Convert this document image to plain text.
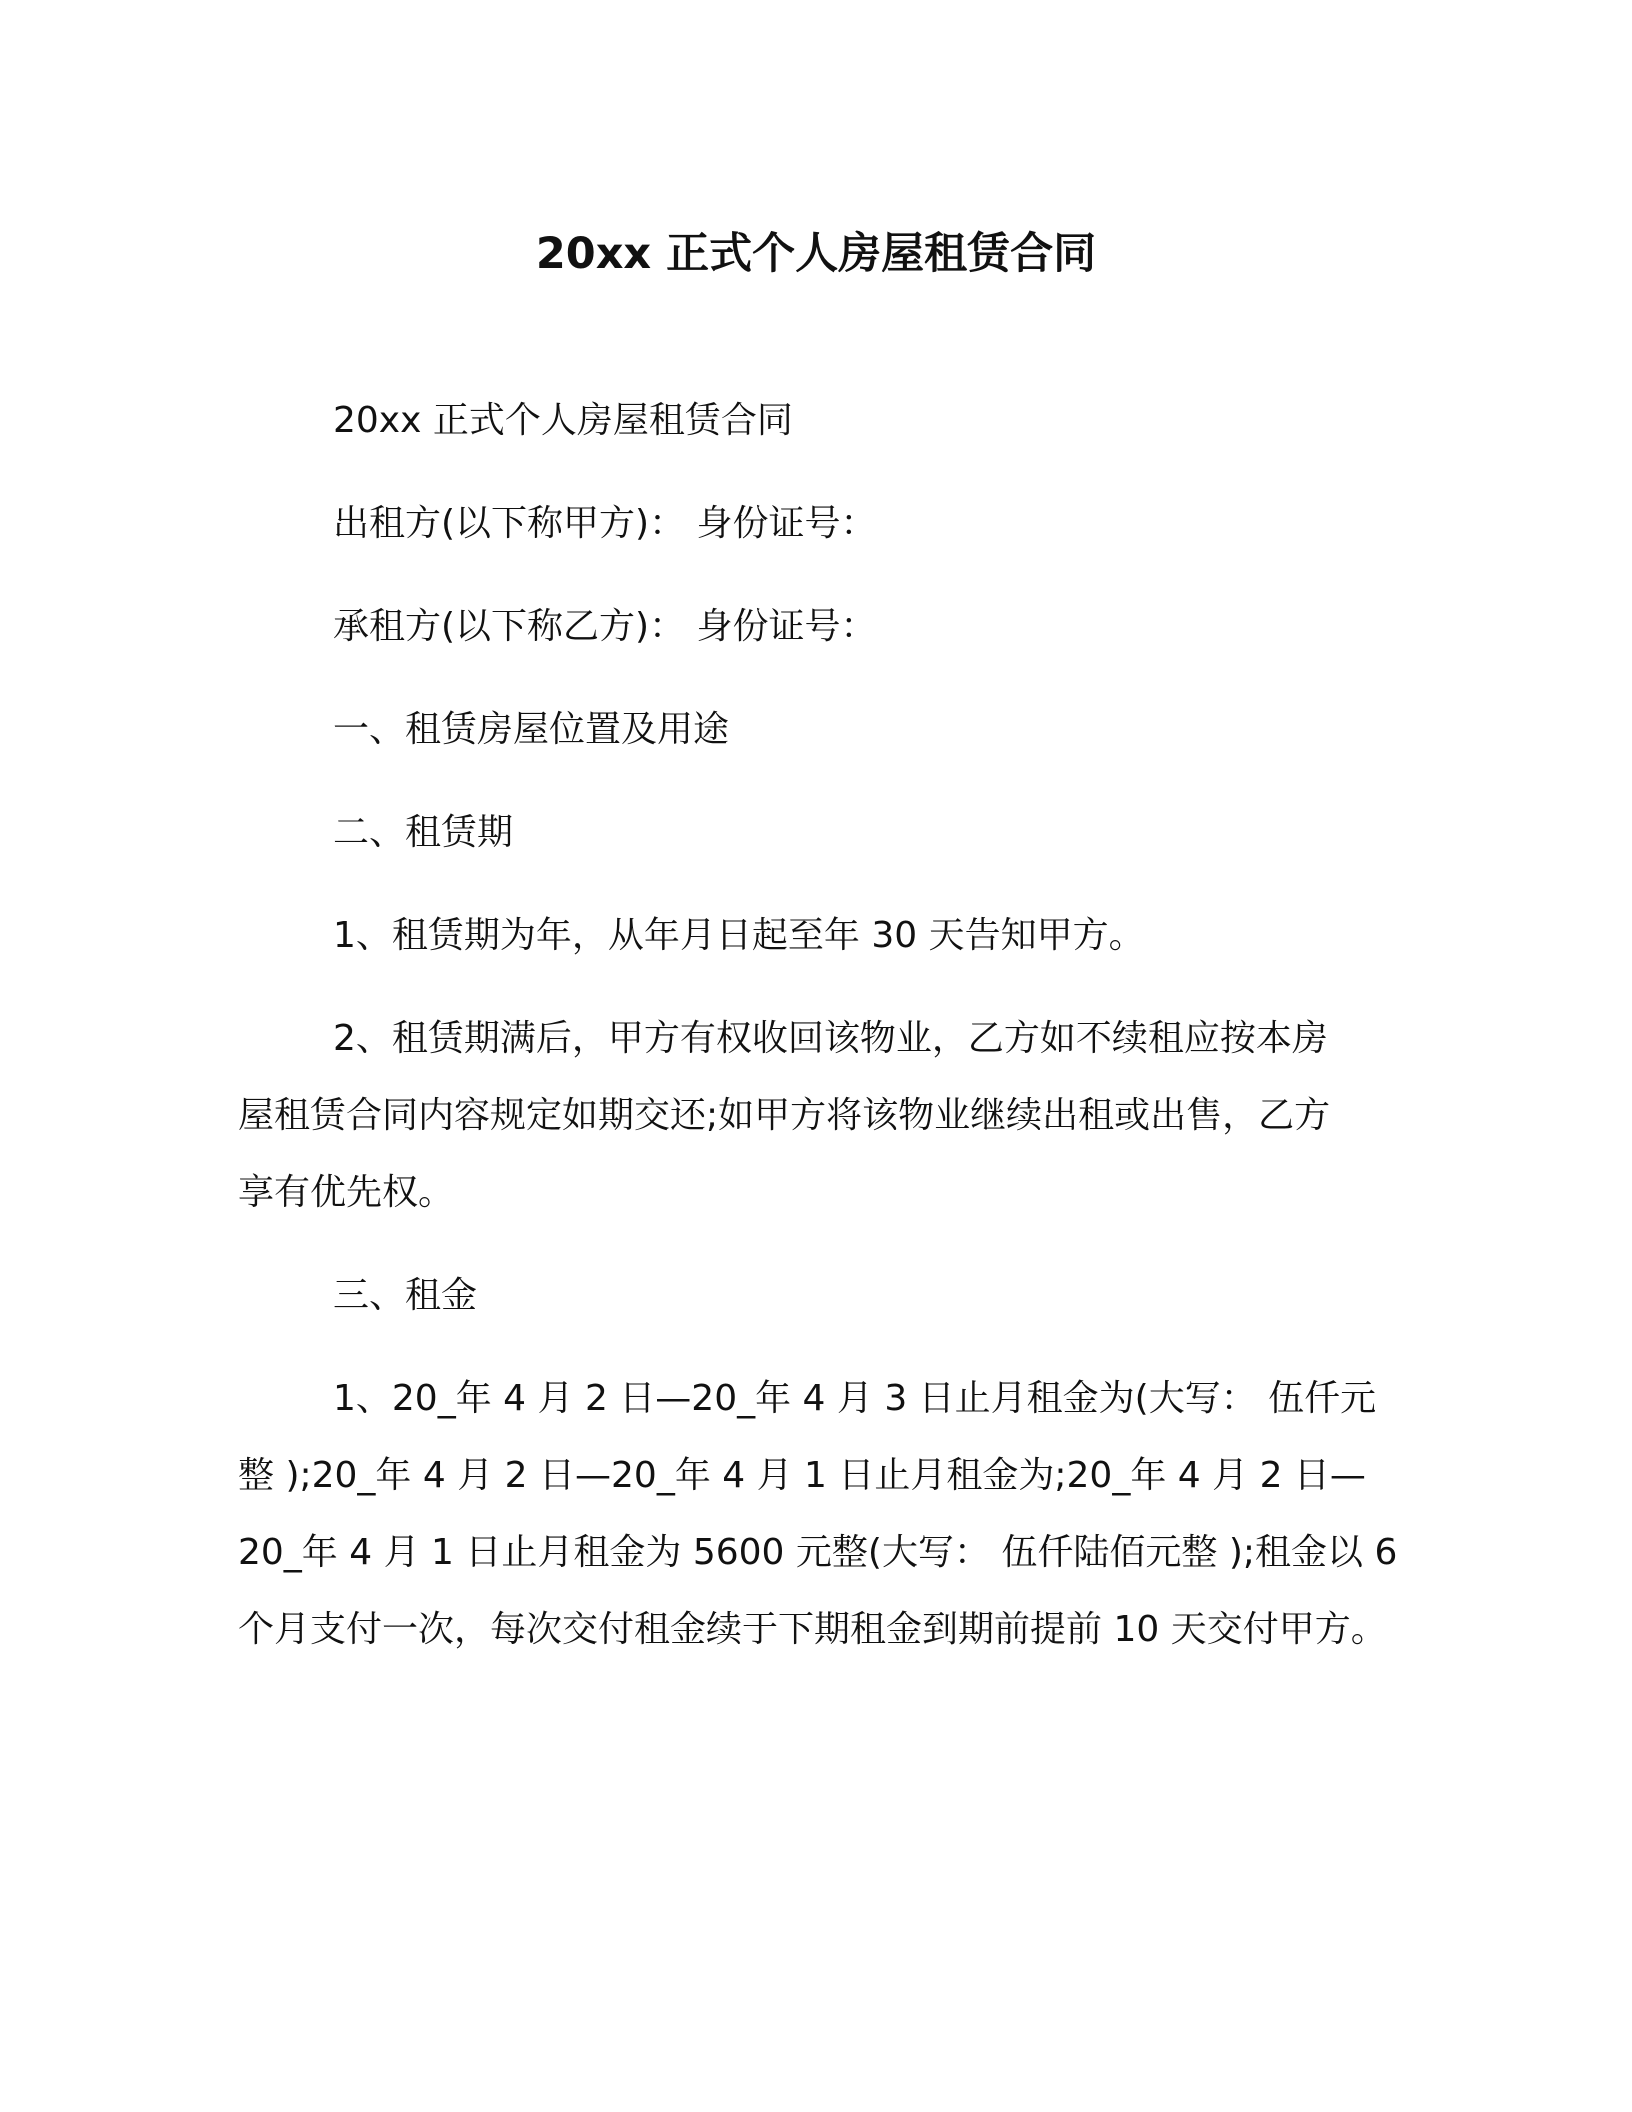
20xx 正式个人房屋租赁合同
20xx 正式个人房屋租赁合同
出租方(以下称甲方)： 身份证号：
承租方(以下称乙方)： 身份证号：
一、租赁房屋位置及用途
二、租赁期
1、租赁期为年，从年月日起至年 30 天告知甲方。
2、租赁期满后，甲方有权收回该物业，乙方如不续租应按本房
屋租赁合同内容规定如期交还;如甲方将该物业继续出租或出售，乙方
享有优先权。
三、租金
1、20_年 4 月 2 日—20_年 4 月 3 日止月租金为(大写： 伍仟元
整 );20_年 4 月 2 日—20_年 4 月 1 日止月租金为;20_年 4 月 2 日—
20_年 4 月 1 日止月租金为 5600 元整(大写： 伍仟陆佰元整 );租金以 6
个月支付一次，每次交付租金续于下期租金到期前提前 10 天交付甲方。
